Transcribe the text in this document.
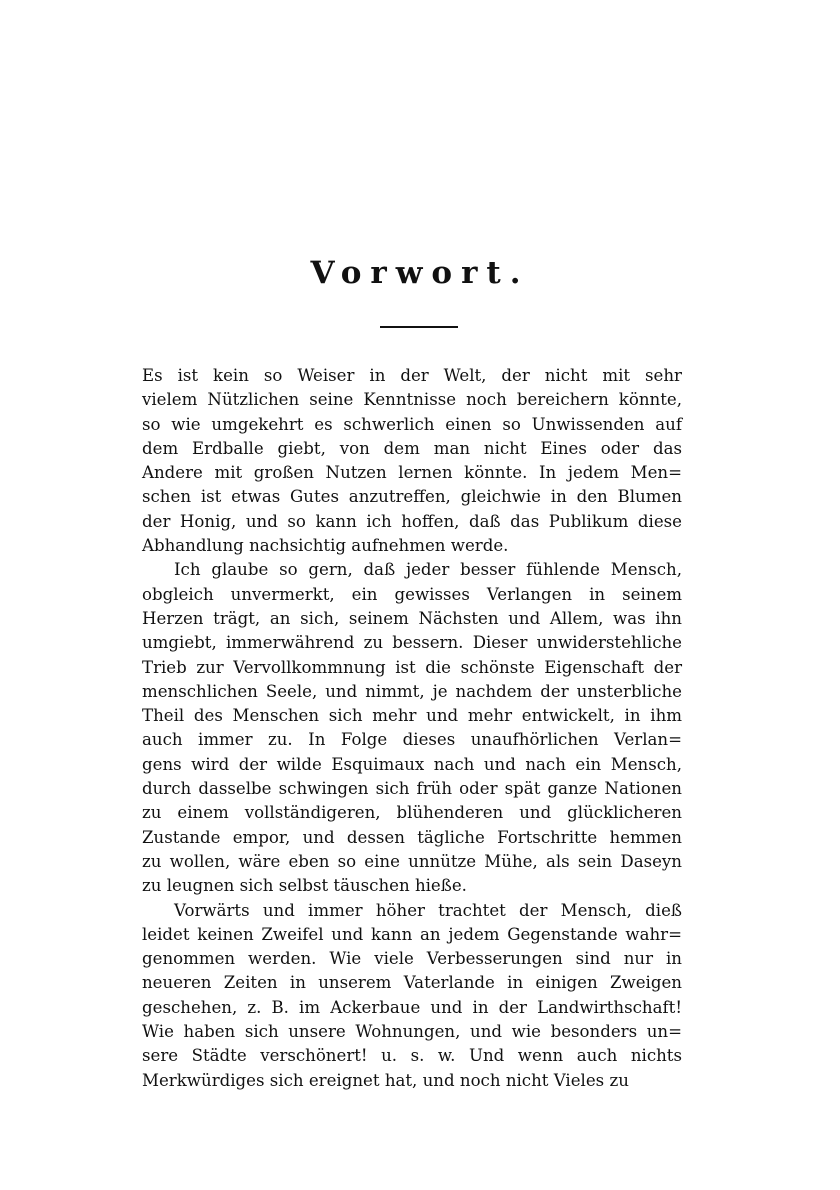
Vorwort.
Es ist kein so Weiser in der Welt, der nicht mit sehr
vielem Nützlichen seine Kenntnisse noch bereichern könnte,
so wie umgekehrt es schwerlich einen so Unwissenden auf
dem Erdballe giebt, von dem man nicht Eines oder das
Andere mit großen Nutzen lernen könnte. In jedem Men=
schen ist etwas Gutes anzutreffen, gleichwie in den Blumen
der Honig, und so kann ich hoffen, daß das Publikum diese
Abhandlung nachsichtig aufnehmen werde.
Ich glaube so gern, daß jeder besser fühlende Mensch,
obgleich unvermerkt, ein gewisses Verlangen in seinem
Herzen trägt, an sich, seinem Nächsten und Allem, was ihn
umgiebt, immerwährend zu bessern. Dieser unwiderstehliche
Trieb zur Vervollkommnung ist die schönste Eigenschaft der
menschlichen Seele, und nimmt, je nachdem der unsterbliche
Theil des Menschen sich mehr und mehr entwickelt, in ihm
auch immer zu. In Folge dieses unaufhörlichen Verlan=
gens wird der wilde Esquimaux nach und nach ein Mensch,
durch dasselbe schwingen sich früh oder spät ganze Nationen
zu einem vollständigeren, blühenderen und glücklicheren
Zustande empor, und dessen tägliche Fortschritte hemmen
zu wollen, wäre eben so eine unnütze Mühe, als sein Daseyn
zu leugnen sich selbst täuschen hieße.
Vorwärts und immer höher trachtet der Mensch, dieß
leidet keinen Zweifel und kann an jedem Gegenstande wahr=
genommen werden. Wie viele Verbesserungen sind nur in
neueren Zeiten in unserem Vaterlande in einigen Zweigen
geschehen, z. B. im Ackerbaue und in der Landwirthschaft!
Wie haben sich unsere Wohnungen, und wie besonders un=
sere Städte verschönert! u. s. w. Und wenn auch nichts
Merkwürdiges sich ereignet hat, und noch nicht Vieles zu
